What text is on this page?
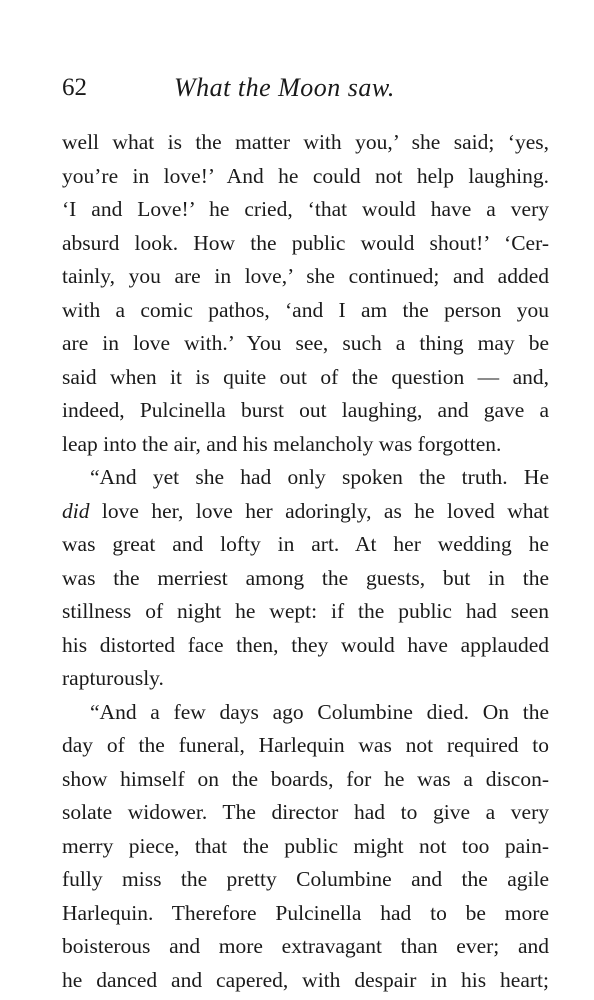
62	What the Moon saw.
well what is the matter with you,’ she said; ‘yes,
you’re in love!’ And he could not help laughing.
‘I and Love!’ he cried, ‘that would have a very
absurd look. How the public would shout!’ ‘Cer-
tainly, you are in love,’ she continued; and added
with a comic pathos, ‘and I am the person you
are in love with.’ You see, such a thing may be
said when it is quite out of the question — and,
indeed, Pulcinella burst out laughing, and gave a
leap into the air, and his melancholy was forgotten.
“And yet she had only spoken the truth. He
did love her, love her adoringly, as he loved what
was great and lofty in art. At her wedding he
was the merriest among the guests, but in the
stillness of night he wept: if the public had seen
his distorted face then, they would have applauded
rapturously.
“And a few days ago Columbine died. On the
day of the funeral, Harlequin was not required to
show himself on the boards, for he was a discon-
solate widower. The director had to give a very
merry piece, that the public might not too pain-
fully miss the pretty Columbine and the agile
Harlequin. Therefore Pulcinella had to be more
boisterous and more extravagant than ever; and
he danced and capered, with despair in his heart;
